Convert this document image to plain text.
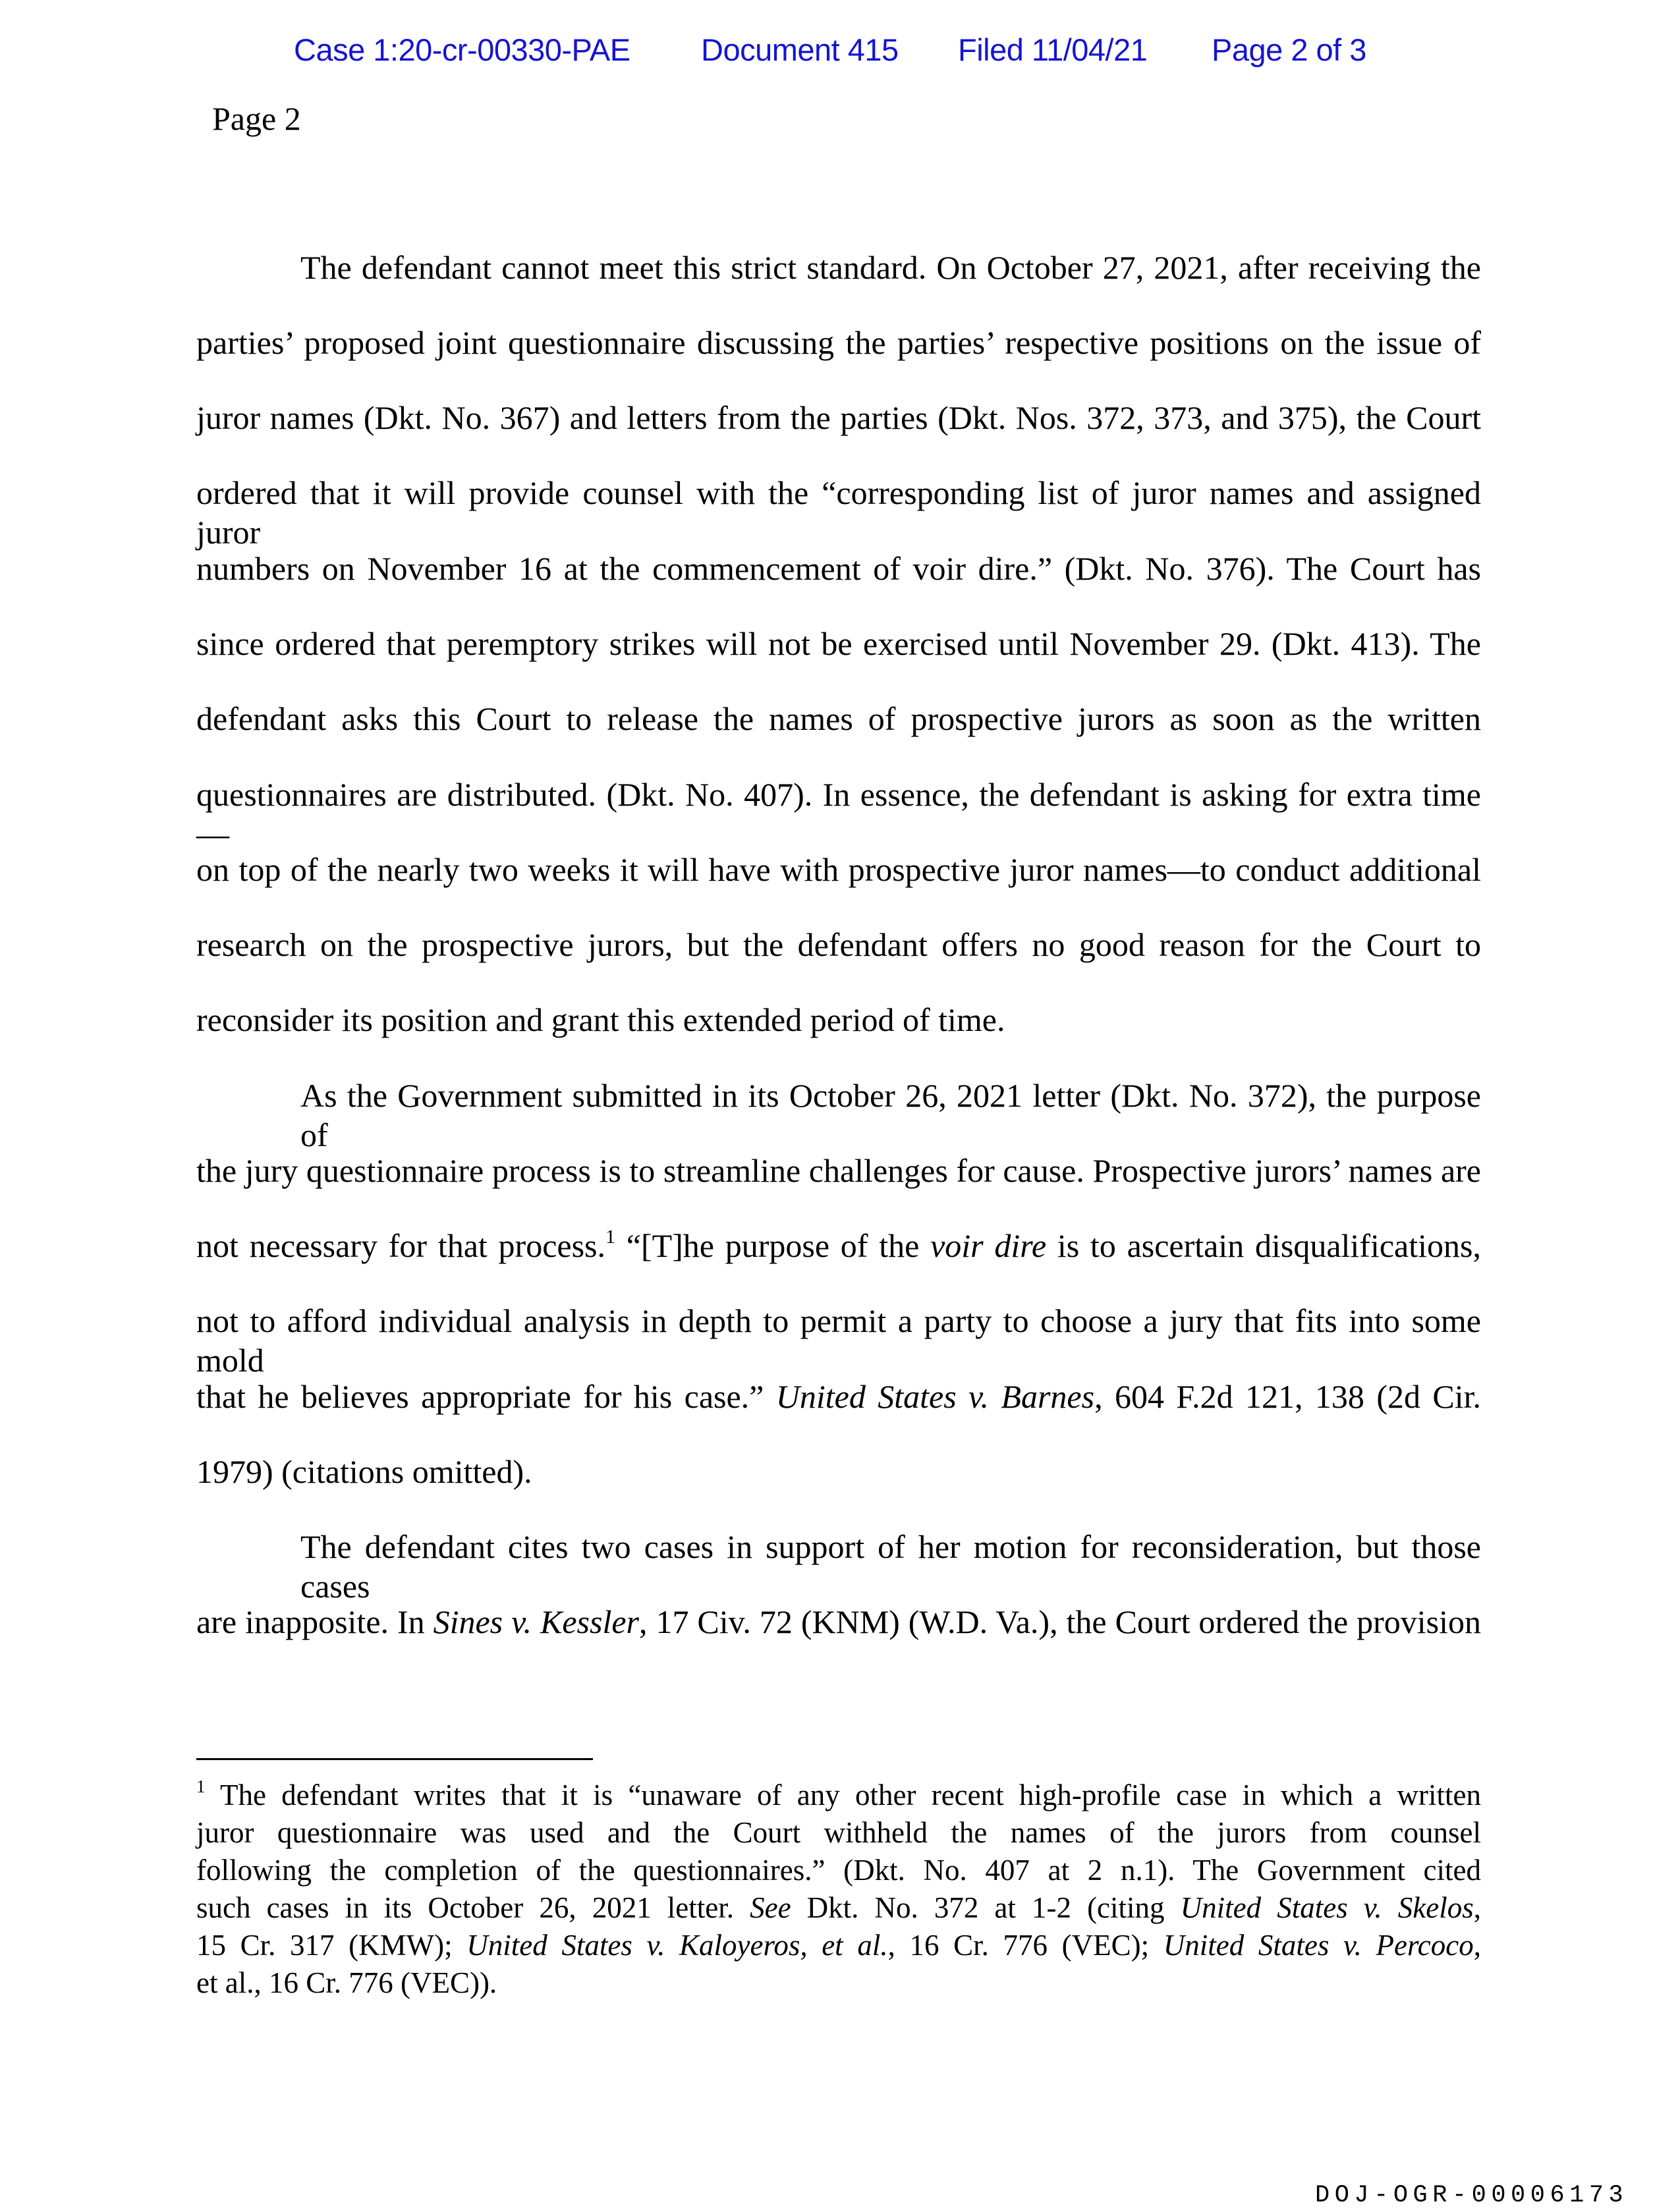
Case 1:20-cr-00330-PAE Document 415 Filed 11/04/21 Page 2 of 3
Page 2
The defendant cannot meet this strict standard. On October 27, 2021, after receiving the
parties’ proposed joint questionnaire discussing the parties’ respective positions on the issue of
juror names (Dkt. No. 367) and letters from the parties (Dkt. Nos. 372, 373, and 375), the Court
ordered that it will provide counsel with the “corresponding list of juror names and assigned juror
numbers on November 16 at the commencement of voir dire.” (Dkt. No. 376). The Court has
since ordered that peremptory strikes will not be exercised until November 29. (Dkt. 413). The
defendant asks this Court to release the names of prospective jurors as soon as the written
questionnaires are distributed. (Dkt. No. 407). In essence, the defendant is asking for extra time—
on top of the nearly two weeks it will have with prospective juror names—to conduct additional
research on the prospective jurors, but the defendant offers no good reason for the Court to
reconsider its position and grant this extended period of time.
As the Government submitted in its October 26, 2021 letter (Dkt. No. 372), the purpose of
the jury questionnaire process is to streamline challenges for cause. Prospective jurors’ names are
not necessary for that process.$^1$ “[T]he purpose of the voir dire is to ascertain disqualifications,
not to afford individual analysis in depth to permit a party to choose a jury that fits into some mold
that he believes appropriate for his case.” United States v. Barnes, 604 F.2d 121, 138 (2d Cir.
1979) (citations omitted).
The defendant cites two cases in support of her motion for reconsideration, but those cases
are inapposite. In Sines v. Kessler, 17 Civ. 72 (KNM) (W.D. Va.), the Court ordered the provision
$^1$ The defendant writes that it is “unaware of any other recent high-profile case in which a written
juror questionnaire was used and the Court withheld the names of the jurors from counsel
following the completion of the questionnaires.” (Dkt. No. 407 at 2 n.1). The Government cited
such cases in its October 26, 2021 letter. See Dkt. No. 372 at 1-2 (citing United States v. Skelos,
15 Cr. 317 (KMW); United States v. Kaloyeros, et al., 16 Cr. 776 (VEC); United States v. Percoco,
et al., 16 Cr. 776 (VEC)).
DOJ-OGR-00006173
